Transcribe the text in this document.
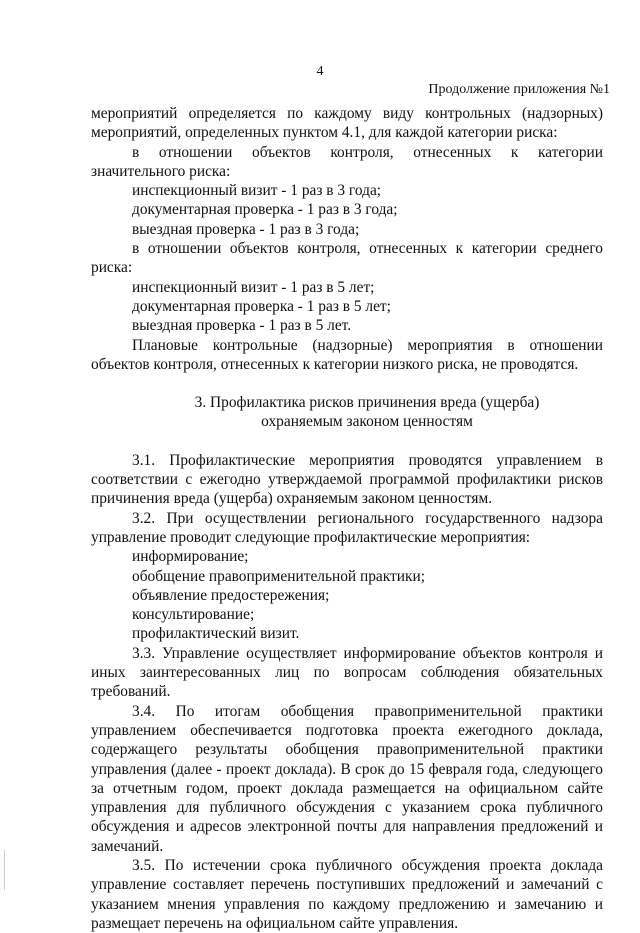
4
Продолжение приложения №1

мероприятий определяется по каждому виду контрольных (надзорных) мероприятий, определенных пунктом 4.1, для каждой категории риска:

в отношении объектов контроля, отнесенных к категории значительного риска:

инспекционный визит - 1 раз в 3 года;

документарная проверка - 1 раз в 3 года;

выездная проверка - 1 раз в 3 года;

в отношении объектов контроля, отнесенных к категории среднего риска:

инспекционный визит - 1 раз в 5 лет;

документарная проверка - 1 раз в 5 лет;

выездная проверка - 1 раз в 5 лет.

Плановые контрольные (надзорные) мероприятия в отношении объектов контроля, отнесенных к категории низкого риска, не проводятся.

3. Профилактика рисков причинения вреда (ущерба)
охраняемым законом ценностям

3.1. Профилактические мероприятия проводятся управлением в соответствии с ежегодно утверждаемой программой профилактики рисков причинения вреда (ущерба) охраняемым законом ценностям.

3.2. При осуществлении регионального государственного надзора управление проводит следующие профилактические мероприятия:

информирование;

обобщение правоприменительной практики;

объявление предостережения;

консультирование;

профилактический визит.

3.3. Управление осуществляет информирование объектов контроля и иных заинтересованных лиц по вопросам соблюдения обязательных требований.

3.4. По итогам обобщения правоприменительной практики управлением обеспечивается подготовка проекта ежегодного доклада, содержащего результаты обобщения правоприменительной практики управления (далее - проект доклада). В срок до 15 февраля года, следующего за отчетным годом, проект доклада размещается на официальном сайте управления для публичного обсуждения с указанием срока публичного обсуждения и адресов электронной почты для направления предложений и замечаний.

3.5. По истечении срока публичного обсуждения проекта доклада управление составляет перечень поступивших предложений и замечаний с указанием мнения управления по каждому предложению и замечанию и размещает перечень на официальном сайте управления.
